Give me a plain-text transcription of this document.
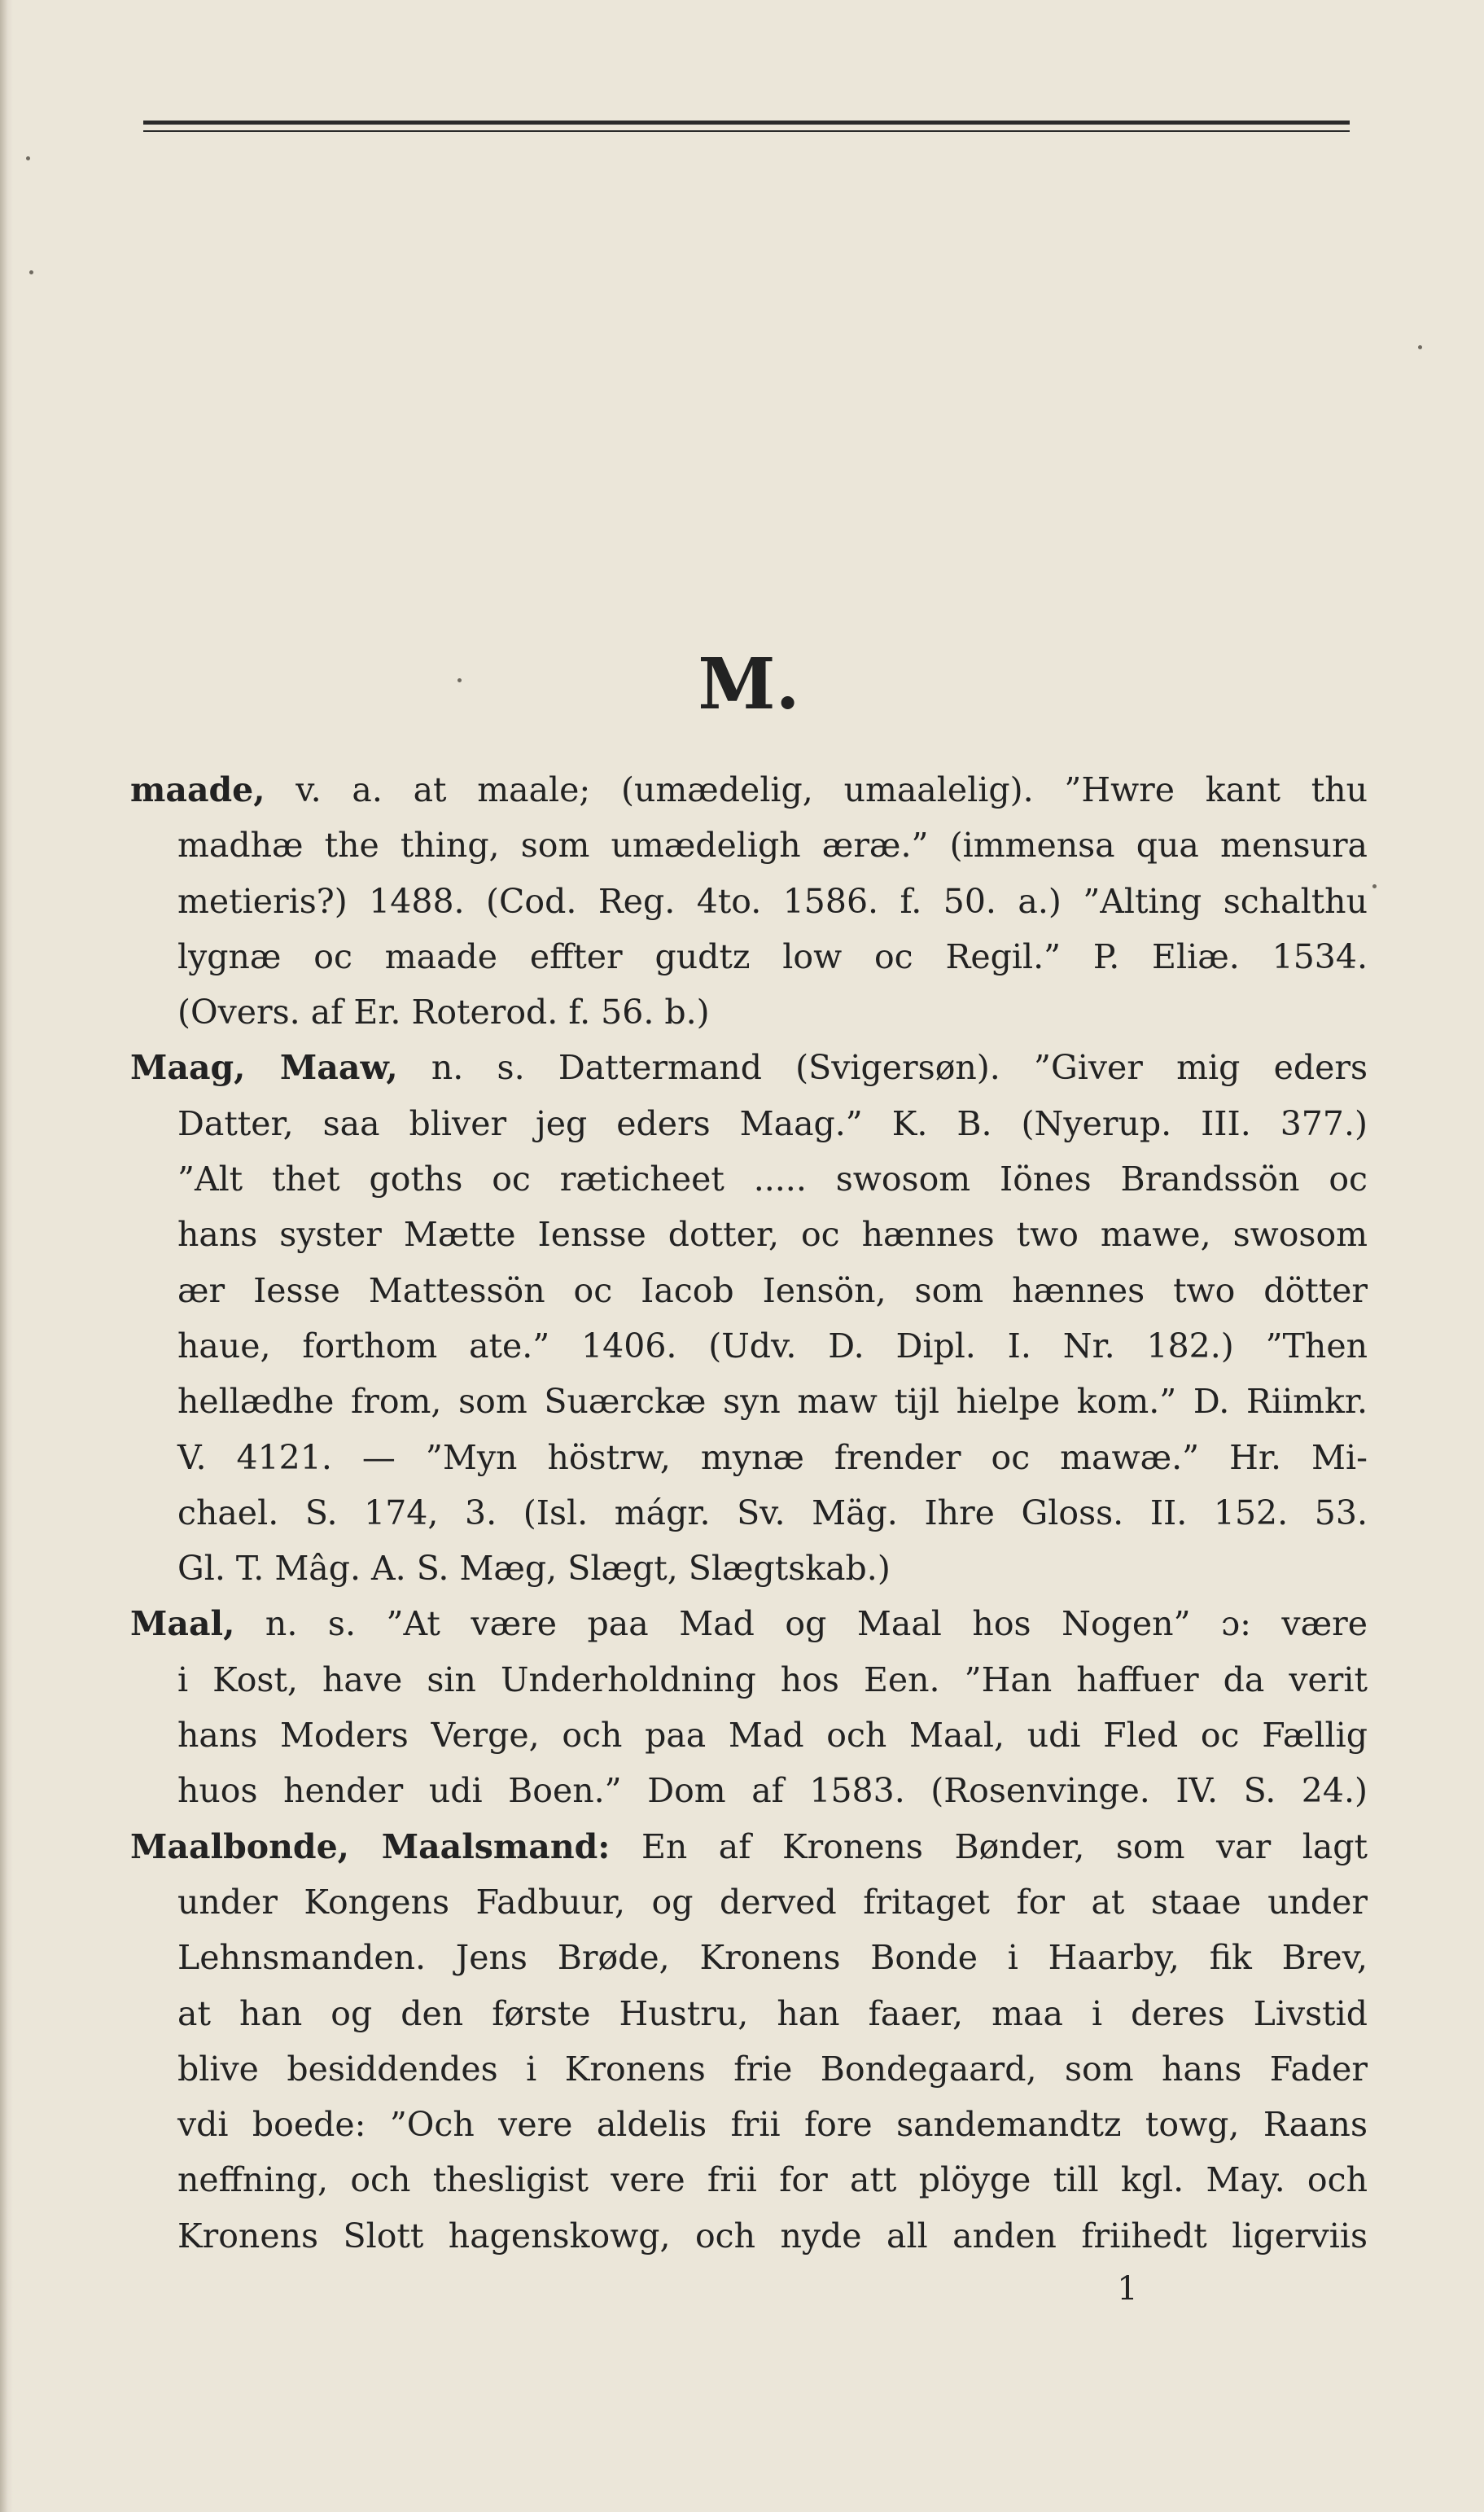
M.
maade, v. a. at maale; (umædelig, umaalelig). ”Hwre kant thu
madhæ the thing, som umædeligh æræ.” (immensa qua mensura
metieris?) 1488. (Cod. Reg. 4to. 1586. f. 50. a.) ”Alting schalthu
lygnæ oc maade effter gudtz low oc Regil.” P. Eliæ. 1534.
(Overs. af Er. Roterod. f. 56. b.)
Maag, Maaw, n. s. Dattermand (Svigersøn). ”Giver mig eders
Datter, saa bliver jeg eders Maag.” K. B. (Nyerup. III. 377.)
”Alt thet goths oc ræticheet ..... swosom Iönes Brandssön oc
hans syster Mætte Iensse dotter, oc hænnes two mawe, swosom
ær Iesse Mattessön oc Iacob Iensön, som hænnes two dötter
haue, forthom ate.” 1406. (Udv. D. Dipl. I. Nr. 182.) ”Then
hellædhe from, som Suærckæ syn maw tijl hielpe kom.” D. Riimkr.
V. 4121. — ”Myn höstrw, mynæ frender oc mawæ.” Hr. Mi-
chael. S. 174, 3. (Isl. mágr. Sv. Mäg. Ihre Gloss. II. 152. 53.
Gl. T. Mâg. A. S. Mæg, Slægt, Slægtskab.)
Maal, n. s. ”At være paa Mad og Maal hos Nogen” ɔ: være
i Kost, have sin Underholdning hos Een. ”Han haffuer da verit
hans Moders Verge, och paa Mad och Maal, udi Fled oc Fællig
huos hender udi Boen.” Dom af 1583. (Rosenvinge. IV. S. 24.)
Maalbonde, Maalsmand: En af Kronens Bønder, som var lagt
under Kongens Fadbuur, og derved fritaget for at staae under
Lehnsmanden. Jens Brøde, Kronens Bonde i Haarby, fik Brev,
at han og den første Hustru, han faaer, maa i deres Livstid
blive besiddendes i Kronens frie Bondegaard, som hans Fader
vdi boede: ”Och vere aldelis frii fore sandemandtz towg, Raans
neffning, och thesligist vere frii for att plöyge till kgl. May. och
Kronens Slott hagenskowg, och nyde all anden friihedt ligerviis
1
